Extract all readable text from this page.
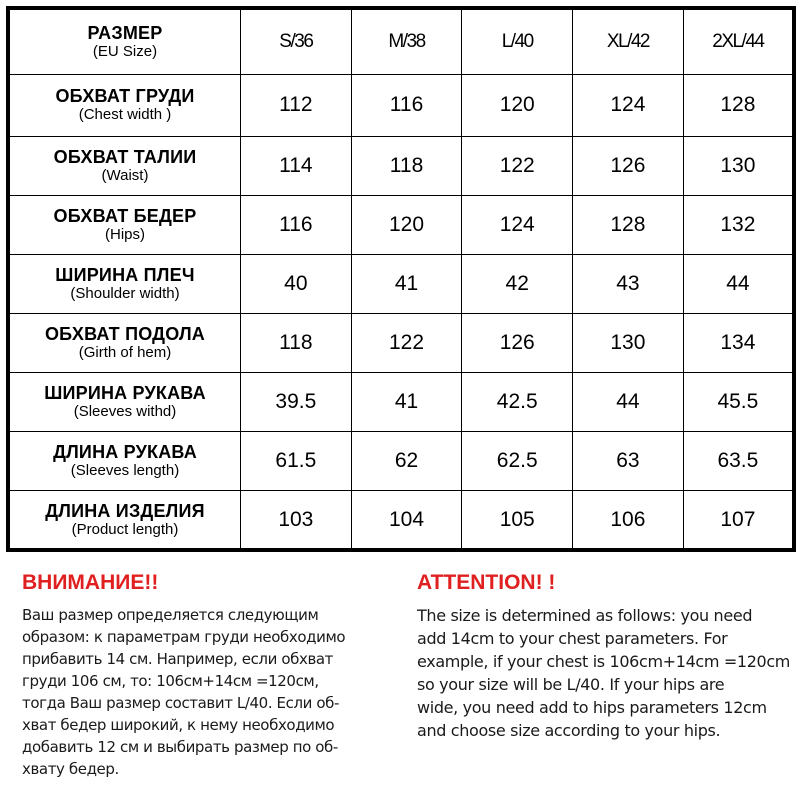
РАЗМЕР
(EU Size)	S/36	M/38	L/40	XL/42	2XL/44

ОБХВАТ ГРУДИ
(Chest width )	112	116	120	124	128

ОБХВАТ ТАЛИИ
(Waist)	114	118	122	126	130

ОБХВАТ БЕДЕР
(Hips)	116	120	124	128	132

ШИРИНА ПЛЕЧ
(Shoulder width)	40	41	42	43	44

ОБХВАТ ПОДОЛА
(Girth of hem)	118	122	126	130	134

ШИРИНА РУКАВА
(Sleeves withd)	39.5	41	42.5	44	45.5

ДЛИНА РУКАВА
(Sleeves length)	61.5	62	62.5	63	63.5

ДЛИНА ИЗДЕЛИЯ
(Product length)	103	104	105	106	107
ВНИМАНИЕ!!

Ваш размер определяется следующим
образом: к параметрам груди необходимо
прибавить 14 см. Например, если обхват
груди 106 см, то: 106см+14см =120см,
тогда Ваш размер составит L/40. Если об-
хват бедер широкий, к нему необходимо
добавить 12 см и выбирать размер по об-
хвату бедер.

ATTENTION! !

The size is determined as follows: you need
add 14cm to your chest parameters. For
example, if your chest is 106cm+14cm =120cm
so your size will be L/40. If your hips are
wide, you need add to hips parameters 12cm
and choose size according to your hips.
